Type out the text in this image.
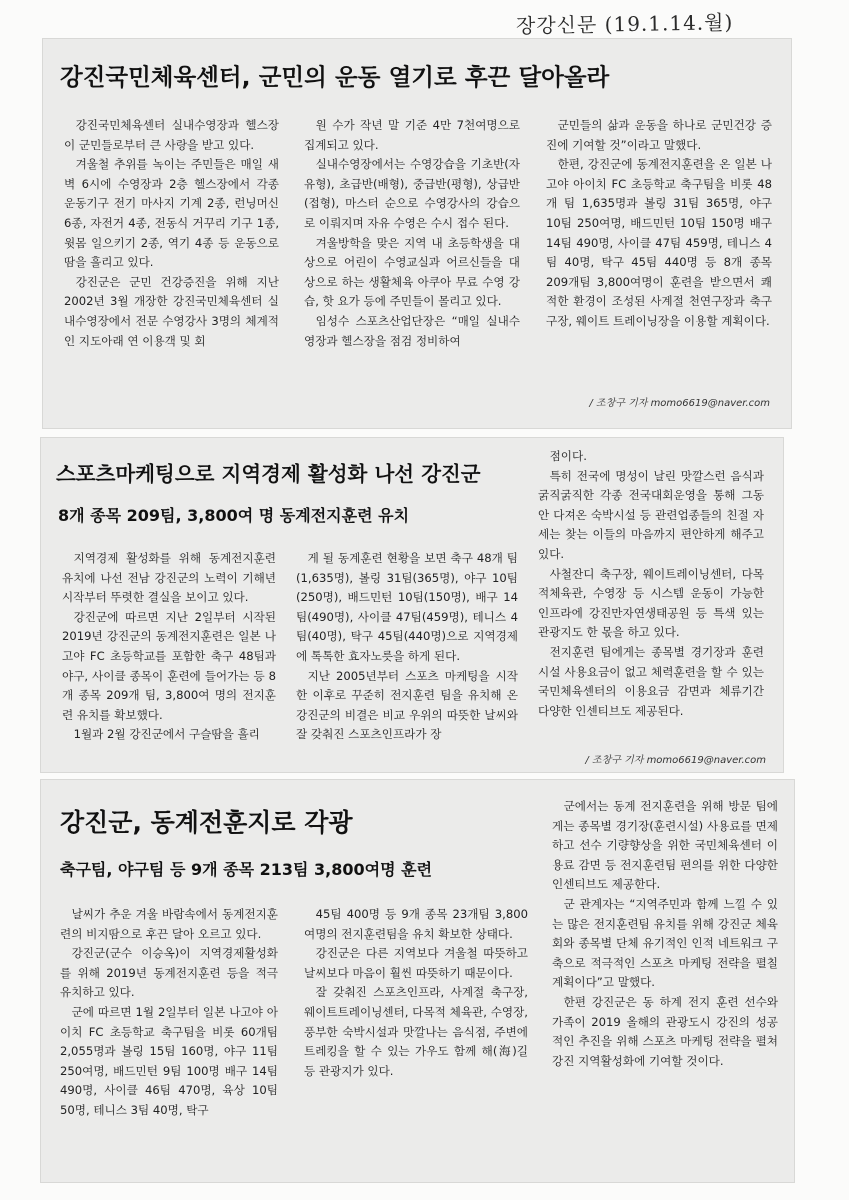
장강신문 (19.1.14.월)
강진국민체육센터, 군민의 운동 열기로 후끈 달아올라

강진국민체육센터 실내수영장과 헬스장이 군민들로부터 큰 사랑을 받고 있다.

겨울철 추위를 녹이는 주민들은 매일 새벽 6시에 수영장과 2층 헬스장에서 각종 운동기구 전기 마사지 기계 2종, 런닝머신 6종, 자전거 4종, 전동식 거꾸리 기구 1종, 윗몸 일으키기 2종, 역기 4종 등 운동으로 땀을 흘리고 있다.

강진군은 군민 건강증진을 위해 지난 2002년 3월 개장한 강진국민체육센터 실내수영장에서 전문 수영강사 3명의 체계적인 지도아래 연 이용객 및 회

원 수가 작년 말 기준 4만 7천여명으로 집계되고 있다.

실내수영장에서는 수영강습을 기초반(자유형), 초급반(배형), 중급반(평형), 상급반(접형), 마스터 순으로 수영강사의 강습으로 이뤄지며 자유 수영은 수시 접수 된다.

겨울방학을 맞은 지역 내 초등학생을 대상으로 어린이 수영교실과 어르신들을 대상으로 하는 생활체육 아쿠아 무료 수영 강습, 핫 요가 등에 주민들이 몰리고 있다.

임성수 스포츠산업단장은 “매일 실내수영장과 헬스장을 점검 정비하여

군민들의 삶과 운동을 하나로 군민건강 증진에 기여할 것”이라고 말했다.

한편, 강진군에 동계전지훈련을 온 일본 나고야 아이치 FC 초등학교 축구팀을 비롯 48개 팀 1,635명과 볼링 31팀 365명, 야구 10팀 250여명, 배드민턴 10팀 150명 배구 14팀 490명, 사이클 47팀 459명, 테니스 4팀 40명, 탁구 45팀 440명 등 8개 종목 209개팀 3,800여명이 훈련을 받으면서 쾌적한 환경이 조성된 사계절 천연구장과 축구구장, 웨이트 트레이닝장을 이용할 계획이다.

/ 조창구 기자 momo6619@naver.com
스포츠마케팅으로 지역경제 활성화 나선 강진군
8개 종목 209팀, 3,800여 명 동계전지훈련 유치

지역경제 활성화를 위해 동계전지훈련 유치에 나선 전남 강진군의 노력이 기해년 시작부터 뚜렷한 결실을 보이고 있다.

강진군에 따르면 지난 2일부터 시작된 2019년 강진군의 동계전지훈련은 일본 나고야 FC 초등학교를 포함한 축구 48팀과 야구, 사이클 종목이 훈련에 들어가는 등 8개 종목 209개 팀, 3,800여 명의 전지훈련 유치를 확보했다.

1월과 2월 강진군에서 구슬땀을 흘리

게 될 동계훈련 현황을 보면 축구 48개 팀(1,635명), 볼링 31팀(365명), 야구 10팀(250명), 배드민턴 10팀(150명), 배구 14팀(490명), 사이클 47팀(459명), 테니스 4팀(40명), 탁구 45팀(440명)으로 지역경제에 톡톡한 효자노릇을 하게 된다.

지난 2005년부터 스포츠 마케팅을 시작한 이후로 꾸준히 전지훈련 팀을 유치해 온 강진군의 비결은 비교 우위의 따뜻한 날씨와 잘 갖춰진 스포츠인프라가 장

점이다.

특히 전국에 명성이 날린 맛깔스런 음식과 굵직굵직한 각종 전국대회운영을 통해 그동안 다져온 숙박시설 등 관련업종들의 친절 자세는 찾는 이들의 마음까지 편안하게 해주고 있다.

사철잔디 축구장, 웨이트레이닝센터, 다목적체육관, 수영장 등 시스템 운동이 가능한 인프라에 강진만자연생태공원 등 특색 있는 관광지도 한 몫을 하고 있다.

전지훈련 팀에게는 종목별 경기장과 훈련시설 사용요금이 없고 체력훈련을 할 수 있는 국민체육센터의 이용요금 감면과 체류기간 다양한 인센티브도 제공된다.

/ 조창구 기자 momo6619@naver.com
강진군, 동계전훈지로 각광
축구팀, 야구팀 등 9개 종목 213팀 3,800여명 훈련

날씨가 추운 겨울 바람속에서 동계전지훈련의 비지땀으로 후끈 달아 오르고 있다.

강진군(군수 이승옥)이 지역경제활성화를 위해 2019년 동계전지훈련 등을 적극 유치하고 있다.

군에 따르면 1월 2일부터 일본 나고야 아이치 FC 초등학교 축구팀을 비롯 60개팀 2,055명과 볼링 15팀 160명, 야구 11팀 250여명, 배드민턴 9팀 100명 배구 14팀 490명, 사이클 46팀 470명, 육상 10팀 50명, 테니스 3팀 40명, 탁구

45팀 400명 등 9개 종목 23개팀 3,800여명의 전지훈련팀을 유치 확보한 상태다.

강진군은 다른 지역보다 겨울철 따뜻하고 날씨보다 마음이 훨씬 따뜻하기 때문이다.

잘 갖춰진 스포츠인프라, 사계절 축구장, 웨이트트레이닝센터, 다목적 체육관, 수영장, 풍부한 숙박시설과 맛깔나는 음식점, 주변에 트레킹을 할 수 있는 가우도 함께 해(海)길 등 관광지가 있다.

군에서는 동계 전지훈련을 위해 방문 팀에게는 종목별 경기장(훈련시설) 사용료를 면제하고 선수 기량향상을 위한 국민체육센터 이용료 감면 등 전지훈련팀 편의를 위한 다양한 인센티브도 제공한다.

군 관계자는 “지역주민과 함께 느낄 수 있는 많은 전지훈련팀 유치를 위해 강진군 체육회와 종목별 단체 유기적인 인적 네트워크 구축으로 적극적인 스포츠 마케팅 전략을 펼칠 계획이다”고 말했다.

한편 강진군은 동 하계 전지 훈련 선수와 가족이 2019 올해의 관광도시 강진의 성공적인 추진을 위해 스포츠 마케팅 전략을 펼쳐 강진 지역활성화에 기여할 것이다.
